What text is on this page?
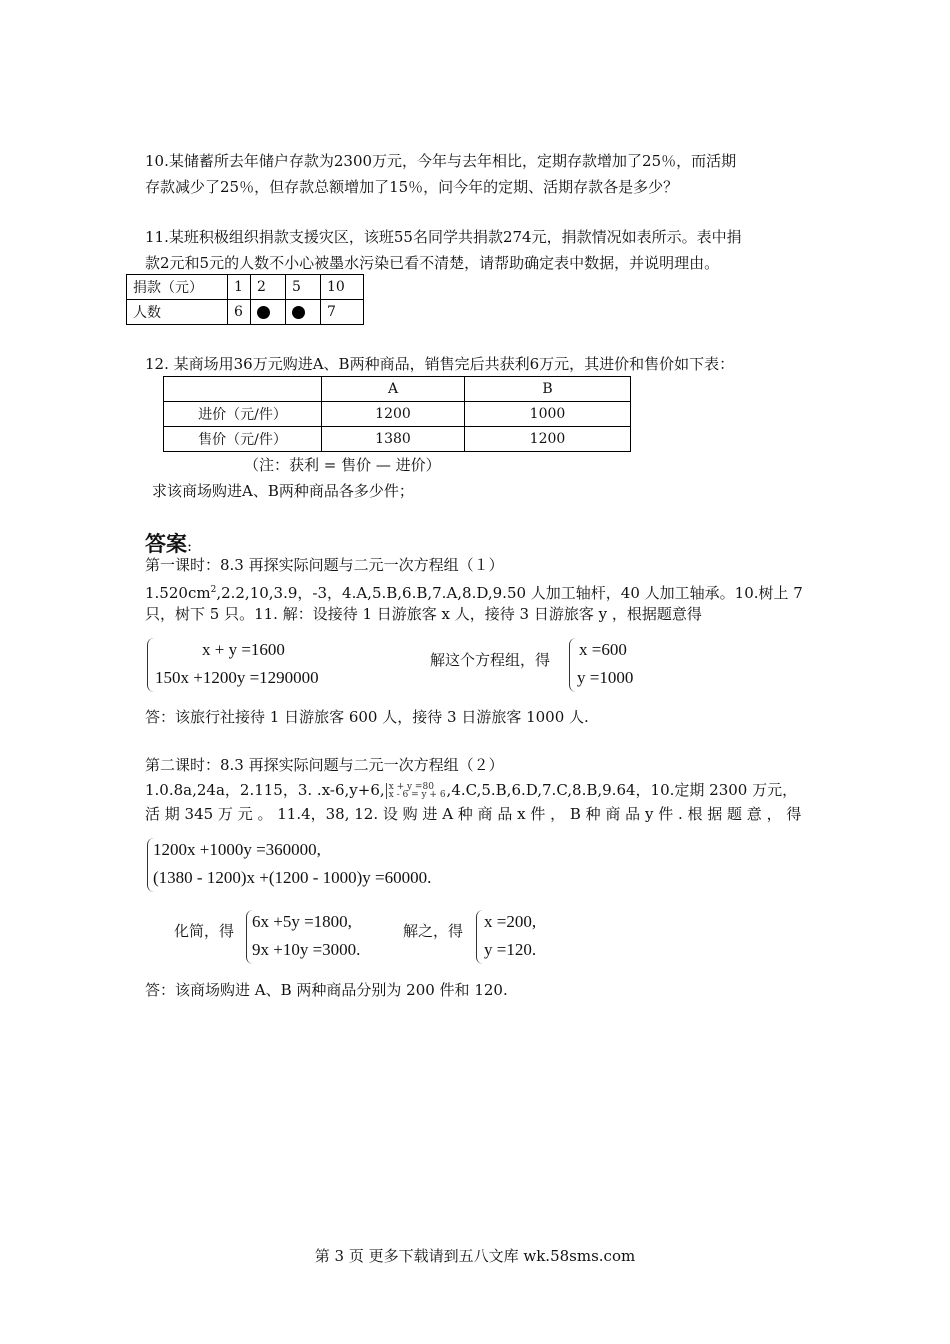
10.某储蓄所去年储户存款为2300万元，今年与去年相比，定期存款增加了25％，而活期
存款减少了25％，但存款总额增加了15％，问今年的定期、活期存款各是多少？
11.某班积极组织捐款支援灾区，该班55名同学共捐款274元，捐款情况如表所示。表中捐
款2元和5元的人数不小心被墨水污染已看不清楚，请帮助确定表中数据，并说明理由。
捐款（元）	1	2	5	10
人数	6			7
12. 某商场用36万元购进A、B两种商品，销售完后共获利6万元，其进价和售价如下表：
	A	B
进价（元/件）	1200	1000
售价（元/件）	1380	1200
（注：获利 = 售价 — 进价）
求该商场购进A、B两种商品各多少件；
答案:
第一课时：8.3 再探实际问题与二元一次方程组（１）
$1.520cm^2,2.2,10,3.9$，-3，4.A,5.B,6.B,7.A,8.D,9.50 人加工轴杆，40 人加工轴承。10.树上 7
只，树下 5 只。11. 解：设接待 1 日游旅客 x 人，接待 3 日游旅客 y ，根据题意得
x + y =1600
150x +1200y =1290000
解这个方程组，得
x =600
y =1000
答：该旅行社接待 1 日游旅客 600 人，接待 3 日游旅客 1000 人.
第二课时：8.3 再探实际问题与二元一次方程组（２）
1.0.8a,24a，2.115，3. .x-6,y+6, x + y =80
x - 6 = y + 6 ,4.C,5.B,6.D,7.C,8.B,9.64，10.定期 2300 万元，
活 期 345 万 元 。 11.4，38, 12. 设 购 进 A 种 商 品 x 件 ， B 种 商 品 y 件 . 根 据 题 意 ， 得
1200x +1000y =360000,
(1380 - 1200)x +(1200 - 1000)y =60000.
化简，得 6x +5y =1800,
9x +10y =3000.
解之，得 x =200,
y =120.
答：该商场购进 A、B 两种商品分别为 200 件和 120.
第 3 页 更多下载请到五八文库 wk.58sms.com
